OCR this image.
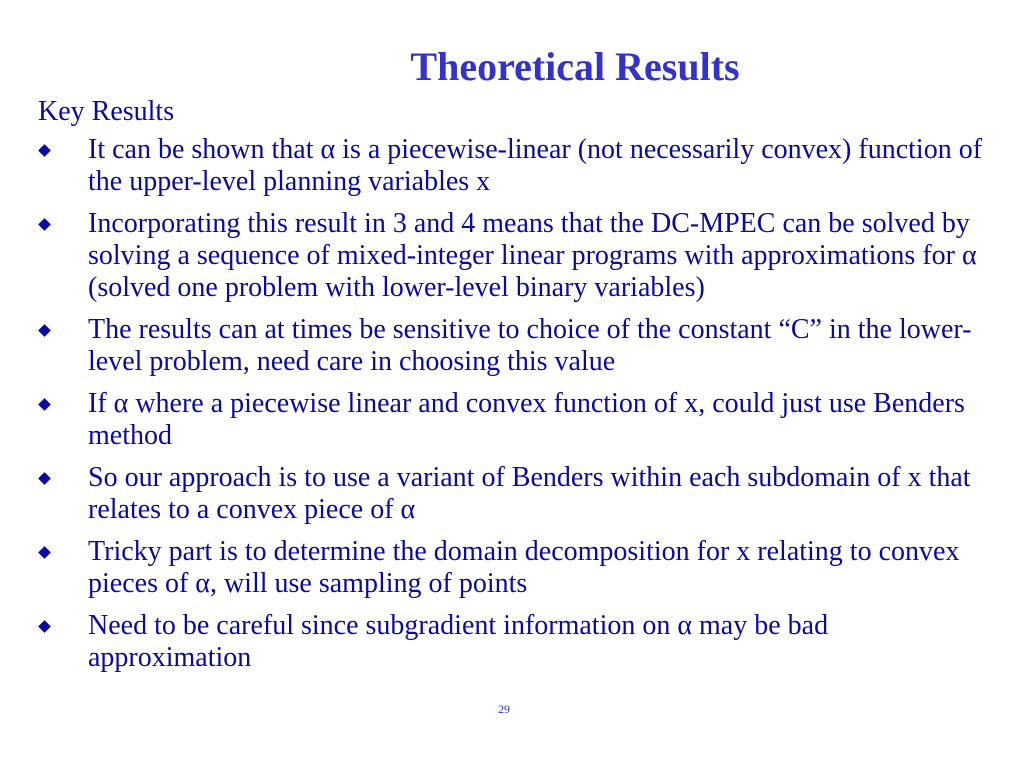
Theoretical Results
Key Results
It can be shown that α is a piecewise-linear (not necessarily convex) function of the upper-level planning variables x
Incorporating this result in 3 and 4 means that the DC-MPEC can be solved by solving a sequence of mixed-integer linear programs with approximations for α (solved one problem with lower-level binary variables)
The results can at times be sensitive to choice of the constant “C” in the lower-level problem, need care in choosing this value
If α where a piecewise linear and convex function of x, could just use Benders method
So our approach is to use a variant of Benders within each subdomain of x that relates to a convex piece of α
Tricky part is to determine the domain decomposition for x relating to convex pieces of α, will use sampling of points
Need to be careful since subgradient information on α may be bad approximation
29
